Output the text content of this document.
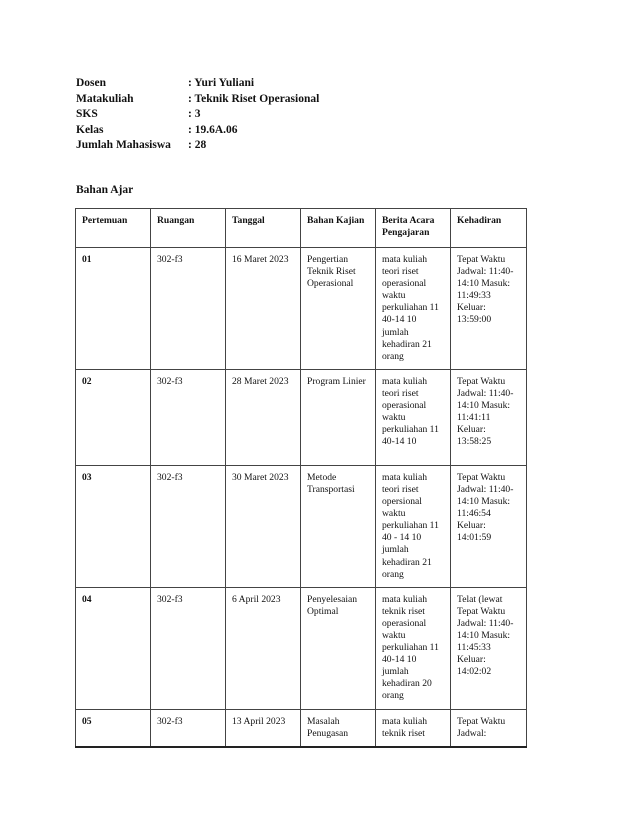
Dosen	: Yuri Yuliani
Matakuliah	: Teknik Riset Operasional
SKS	: 3
Kelas	: 19.6A.06
Jumlah Mahasiswa	: 28
Bahan Ajar
Pertemuan	Ruangan	Tanggal	Bahan Kajian	Berita Acara Pengajaran	Kehadiran
01	302-f3	16 Maret 2023	Pengertian Teknik Riset Operasional	mata kuliah teori riset operasional waktu perkuliahan 11 40-14 10 jumlah kehadiran 21 orang	Tepat Waktu Jadwal: 11:40-14:10 Masuk: 11:49:33 Keluar: 13:59:00
02	302-f3	28 Maret 2023	Program Linier	mata kuliah teori riset operasional waktu perkuliahan 11 40-14 10	Tepat Waktu Jadwal: 11:40-14:10 Masuk: 11:41:11 Keluar: 13:58:25
03	302-f3	30 Maret 2023	Metode Transportasi	mata kuliah teori riset opersional waktu perkuliahan 11 40 - 14 10 jumlah kehadiran 21 orang	Tepat Waktu Jadwal: 11:40-14:10 Masuk: 11:46:54 Keluar: 14:01:59
04	302-f3	6 April 2023	Penyelesaian Optimal	mata kuliah teknik riset operasional waktu perkuliahan 11 40-14 10 jumlah kehadiran 20 orang	Telat (lewat Tepat Waktu Jadwal: 11:40-14:10 Masuk: 11:45:33 Keluar: 14:02:02
05	302-f3	13 April 2023	Masalah Penugasan	mata kuliah teknik riset	Tepat Waktu Jadwal:
